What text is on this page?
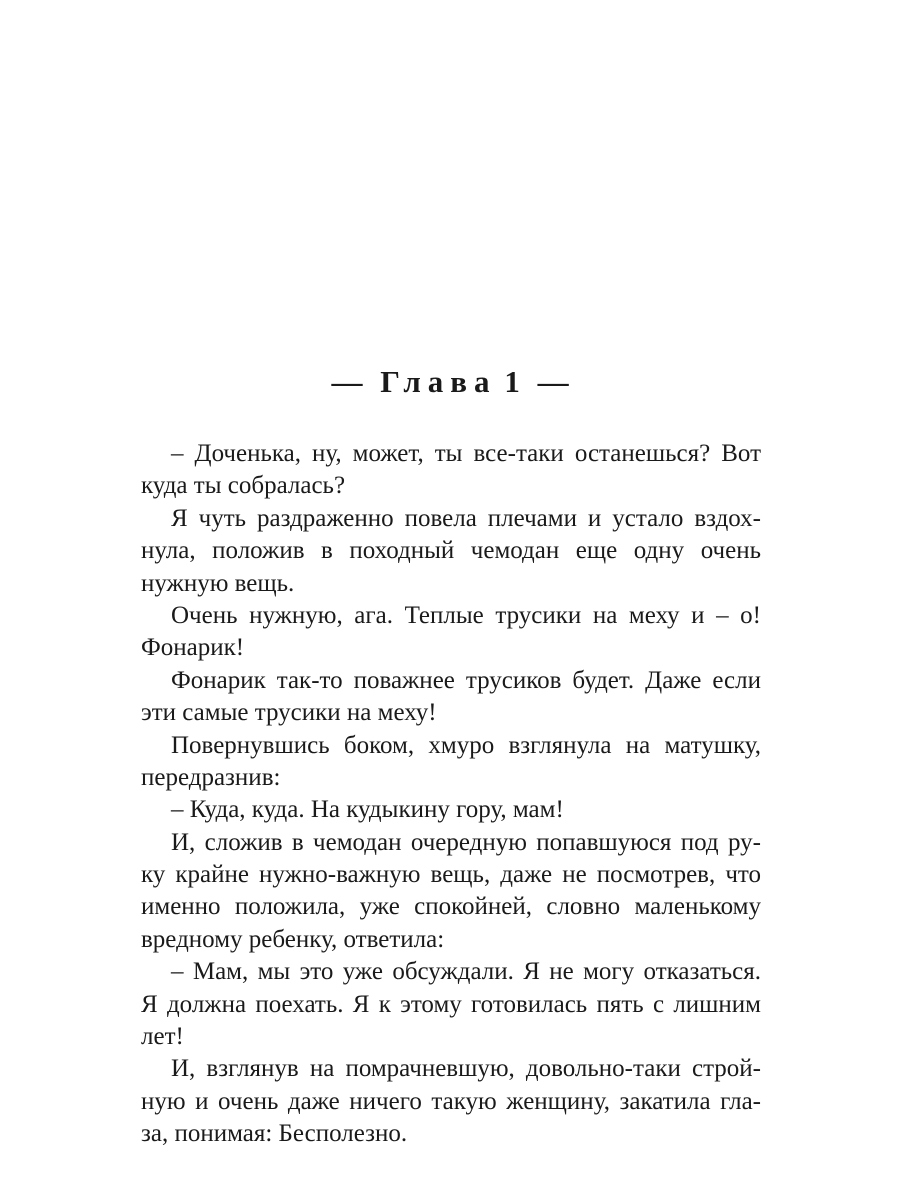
— Глава 1 —
– Доченька, ну, может, ты все-таки останешься? Вот
куда ты собралась?
Я чуть раздраженно повела плечами и устало вздох-
нула, положив в походный чемодан еще одну очень
нужную вещь.
Очень нужную, ага. Теплые трусики на меху и – о!
Фонарик!
Фонарик так-то поважнее трусиков будет. Даже если
эти самые трусики на меху!
Повернувшись боком, хмуро взглянула на матушку,
передразнив:
– Куда, куда. На кудыкину гору, мам!
И, сложив в чемодан очередную попавшуюся под ру-
ку крайне нужно-важную вещь, даже не посмотрев, что
именно положила, уже спокойней, словно маленькому
вредному ребенку, ответила:
– Мам, мы это уже обсуждали. Я не могу отказаться.
Я должна поехать. Я к этому готовилась пять с лишним
лет!
И, взглянув на помрачневшую, довольно-таки строй-
ную и очень даже ничего такую женщину, закатила гла-
за, понимая: Бесполезно.
